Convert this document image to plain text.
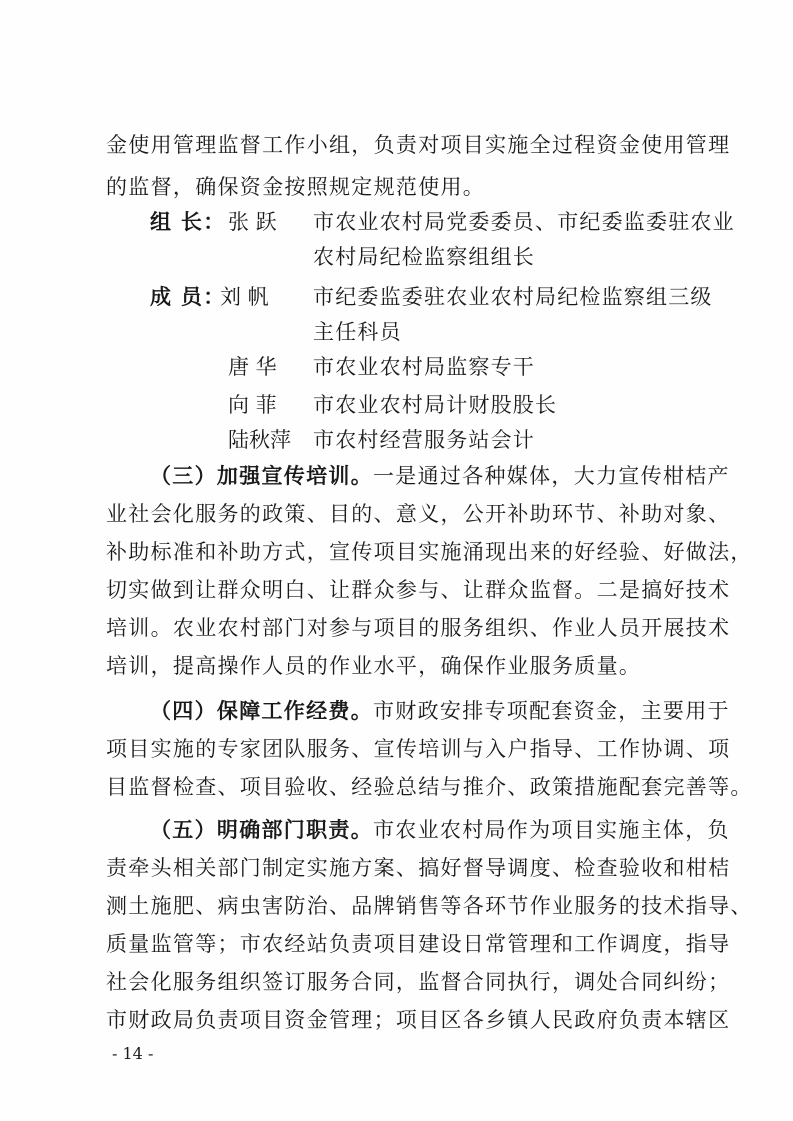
金使用管理监督工作小组，负责对项目实施全过程资金使用管理
的监督，确保资金按照规定规范使用。
组 长： 张 跃 市农业农村局党委委员、市纪委监委驻农业
农村局纪检监察组组长
成 员：
刘 帆 市纪委监委驻农业农村局纪检监察组三级
主任科员
唐 华 市农业农村局监察专干
向 菲 市农业农村局计财股股长
陆秋萍 市农村经营服务站会计
（三）加强宣传培训。一是通过各种媒体，大力宣传柑桔产
业社会化服务的政策、目的、意义，公开补助环节、补助对象、
补助标准和补助方式，宣传项目实施涌现出来的好经验、好做法，
切实做到让群众明白、让群众参与、让群众监督。二是搞好技术
培训。农业农村部门对参与项目的服务组织、作业人员开展技术
培训，提高操作人员的作业水平，确保作业服务质量。
（四）保障工作经费。市财政安排专项配套资金，主要用于
项目实施的专家团队服务、宣传培训与入户指导、工作协调、项
目监督检查、项目验收、经验总结与推介、政策措施配套完善等。
（五）明确部门职责。市农业农村局作为项目实施主体，负
责牵头相关部门制定实施方案、搞好督导调度、检查验收和柑桔
测土施肥、病虫害防治、品牌销售等各环节作业服务的技术指导、
质量监管等；市农经站负责项目建设日常管理和工作调度，指导
社会化服务组织签订服务合同，监督合同执行，调处合同纠纷；
市财政局负责项目资金管理；项目区各乡镇人民政府负责本辖区
- 14 -
